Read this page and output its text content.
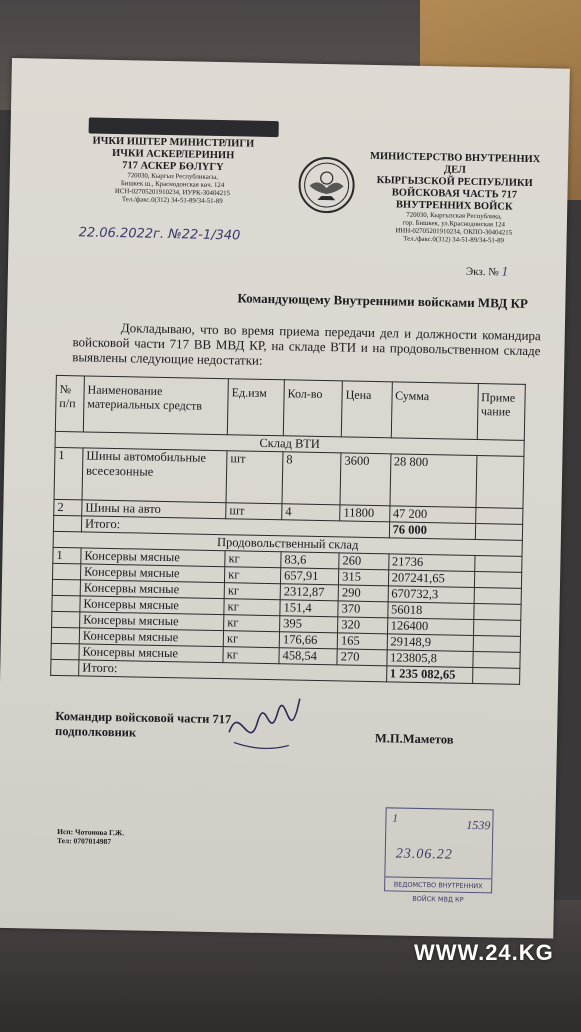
ИЧКИ ИШТЕР МИНИСТРЛИГИ
ИЧКИ АСКЕРЛЕРИНИН
717 АСКЕР БӨЛҮГҮ
720030, Кыргыз Республикасы,
Бишкек ш., Краснодонская көч. 124
ИСН-02705201910234, ИУРК-30404215
Тел./факс.0(312) 34-51-89/34-51-89
МИНИСТЕРСТВО ВНУТРЕННИХ ДЕЛ
КЫРГЫЗСКОЙ РЕСПУБЛИКИ
ВОЙСКОВАЯ ЧАСТЬ 717
ВНУТРЕННИХ ВОЙСК
720030, Кыргызская Республика,
гор. Бишкек, ул.Краснодонская 124
ИНН-02705201910234, ОКПО-30404215
Тел./факс.0(312) 34-51-89/34-51-89
22.06.2022г. №22-1/340
Экз. № 1
Командующему Внутренними войсками МВД КР
Докладываю, что во время приема передачи дел и должности командира войсковой части 717 ВВ МВД КР, на складе ВТИ и на продовольственном складе выявлены следующие недостатки:
№ п/п	Наименование материальных средств	Ед.изм	Кол-во	Цена	Сумма	Приме чание
Склад ВТИ						
1	Шины автомобильные всесезонные	шт	8	3600	28 800	
2	Шины на авто	шт	4	11800	47 200	
	Итого:				76 000	
Продовольственный склад						
1	Консервы мясные	кг	83,6	260	21736	
	Консервы мясные	кг	657,91	315	207241,65	
	Консервы мясные	кг	2312,87	290	670732,3	
	Консервы мясные	кг	151,4	370	56018	
	Консервы мясные	кг	395	320	126400	
	Консервы мясные	кг	176,66	165	29148,9	
	Консервы мясные	кг	458,54	270	123805,8	
	Итого:				1 235 082,65	
Командир войсковой части 717
подполковник	М.П.Маметов
Исп: Чотонова Г.Ж.
Тел: 0707014987
1	1539
23.06.22
ВЕДОМСТВО ВНУТРЕННИХ ВОЙСК МВД КР
WWW.24.KG
